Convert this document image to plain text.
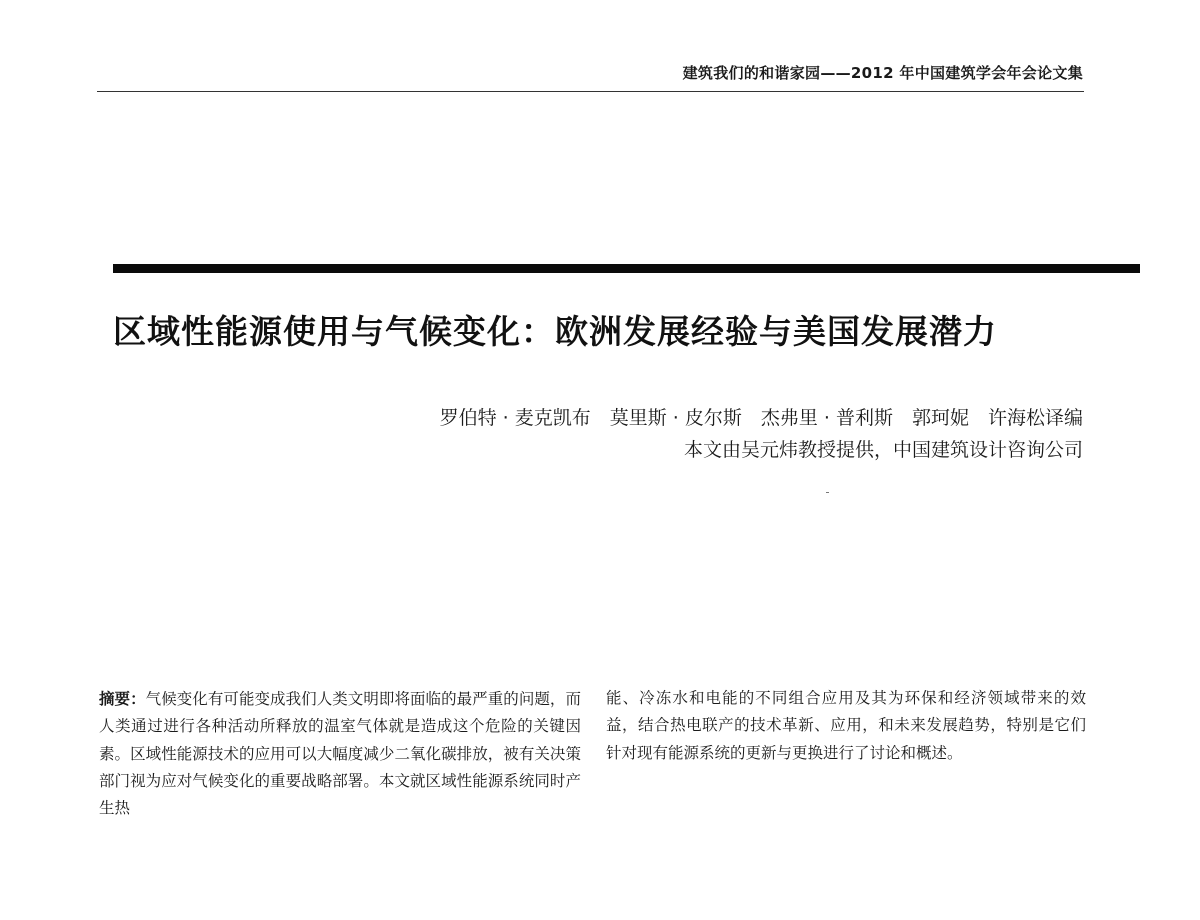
建筑我们的和谐家园——2012 年中国建筑学会年会论文集
区域性能源使用与气候变化：欧洲发展经验与美国发展潜力
罗伯特 · 麦克凯布　莫里斯 · 皮尔斯　杰弗里 · 普利斯　郭珂妮　许海松译编
本文由吴元炜教授提供，中国建筑设计咨询公司

摘要：气候变化有可能变成我们人类文明即将面临的最严重的问题，而人类通过进行各种活动所释放的温室气体就是造成这个危险的关键因素。区域性能源技术的应用可以大幅度减少二氧化碳排放，被有关决策部门视为应对气候变化的重要战略部署。本文就区域性能源系统同时产生热

能、冷冻水和电能的不同组合应用及其为环保和经济领域带来的效益，结合热电联产的技术革新、应用，和未来发展趋势，特别是它们针对现有能源系统的更新与更换进行了讨论和概述。
